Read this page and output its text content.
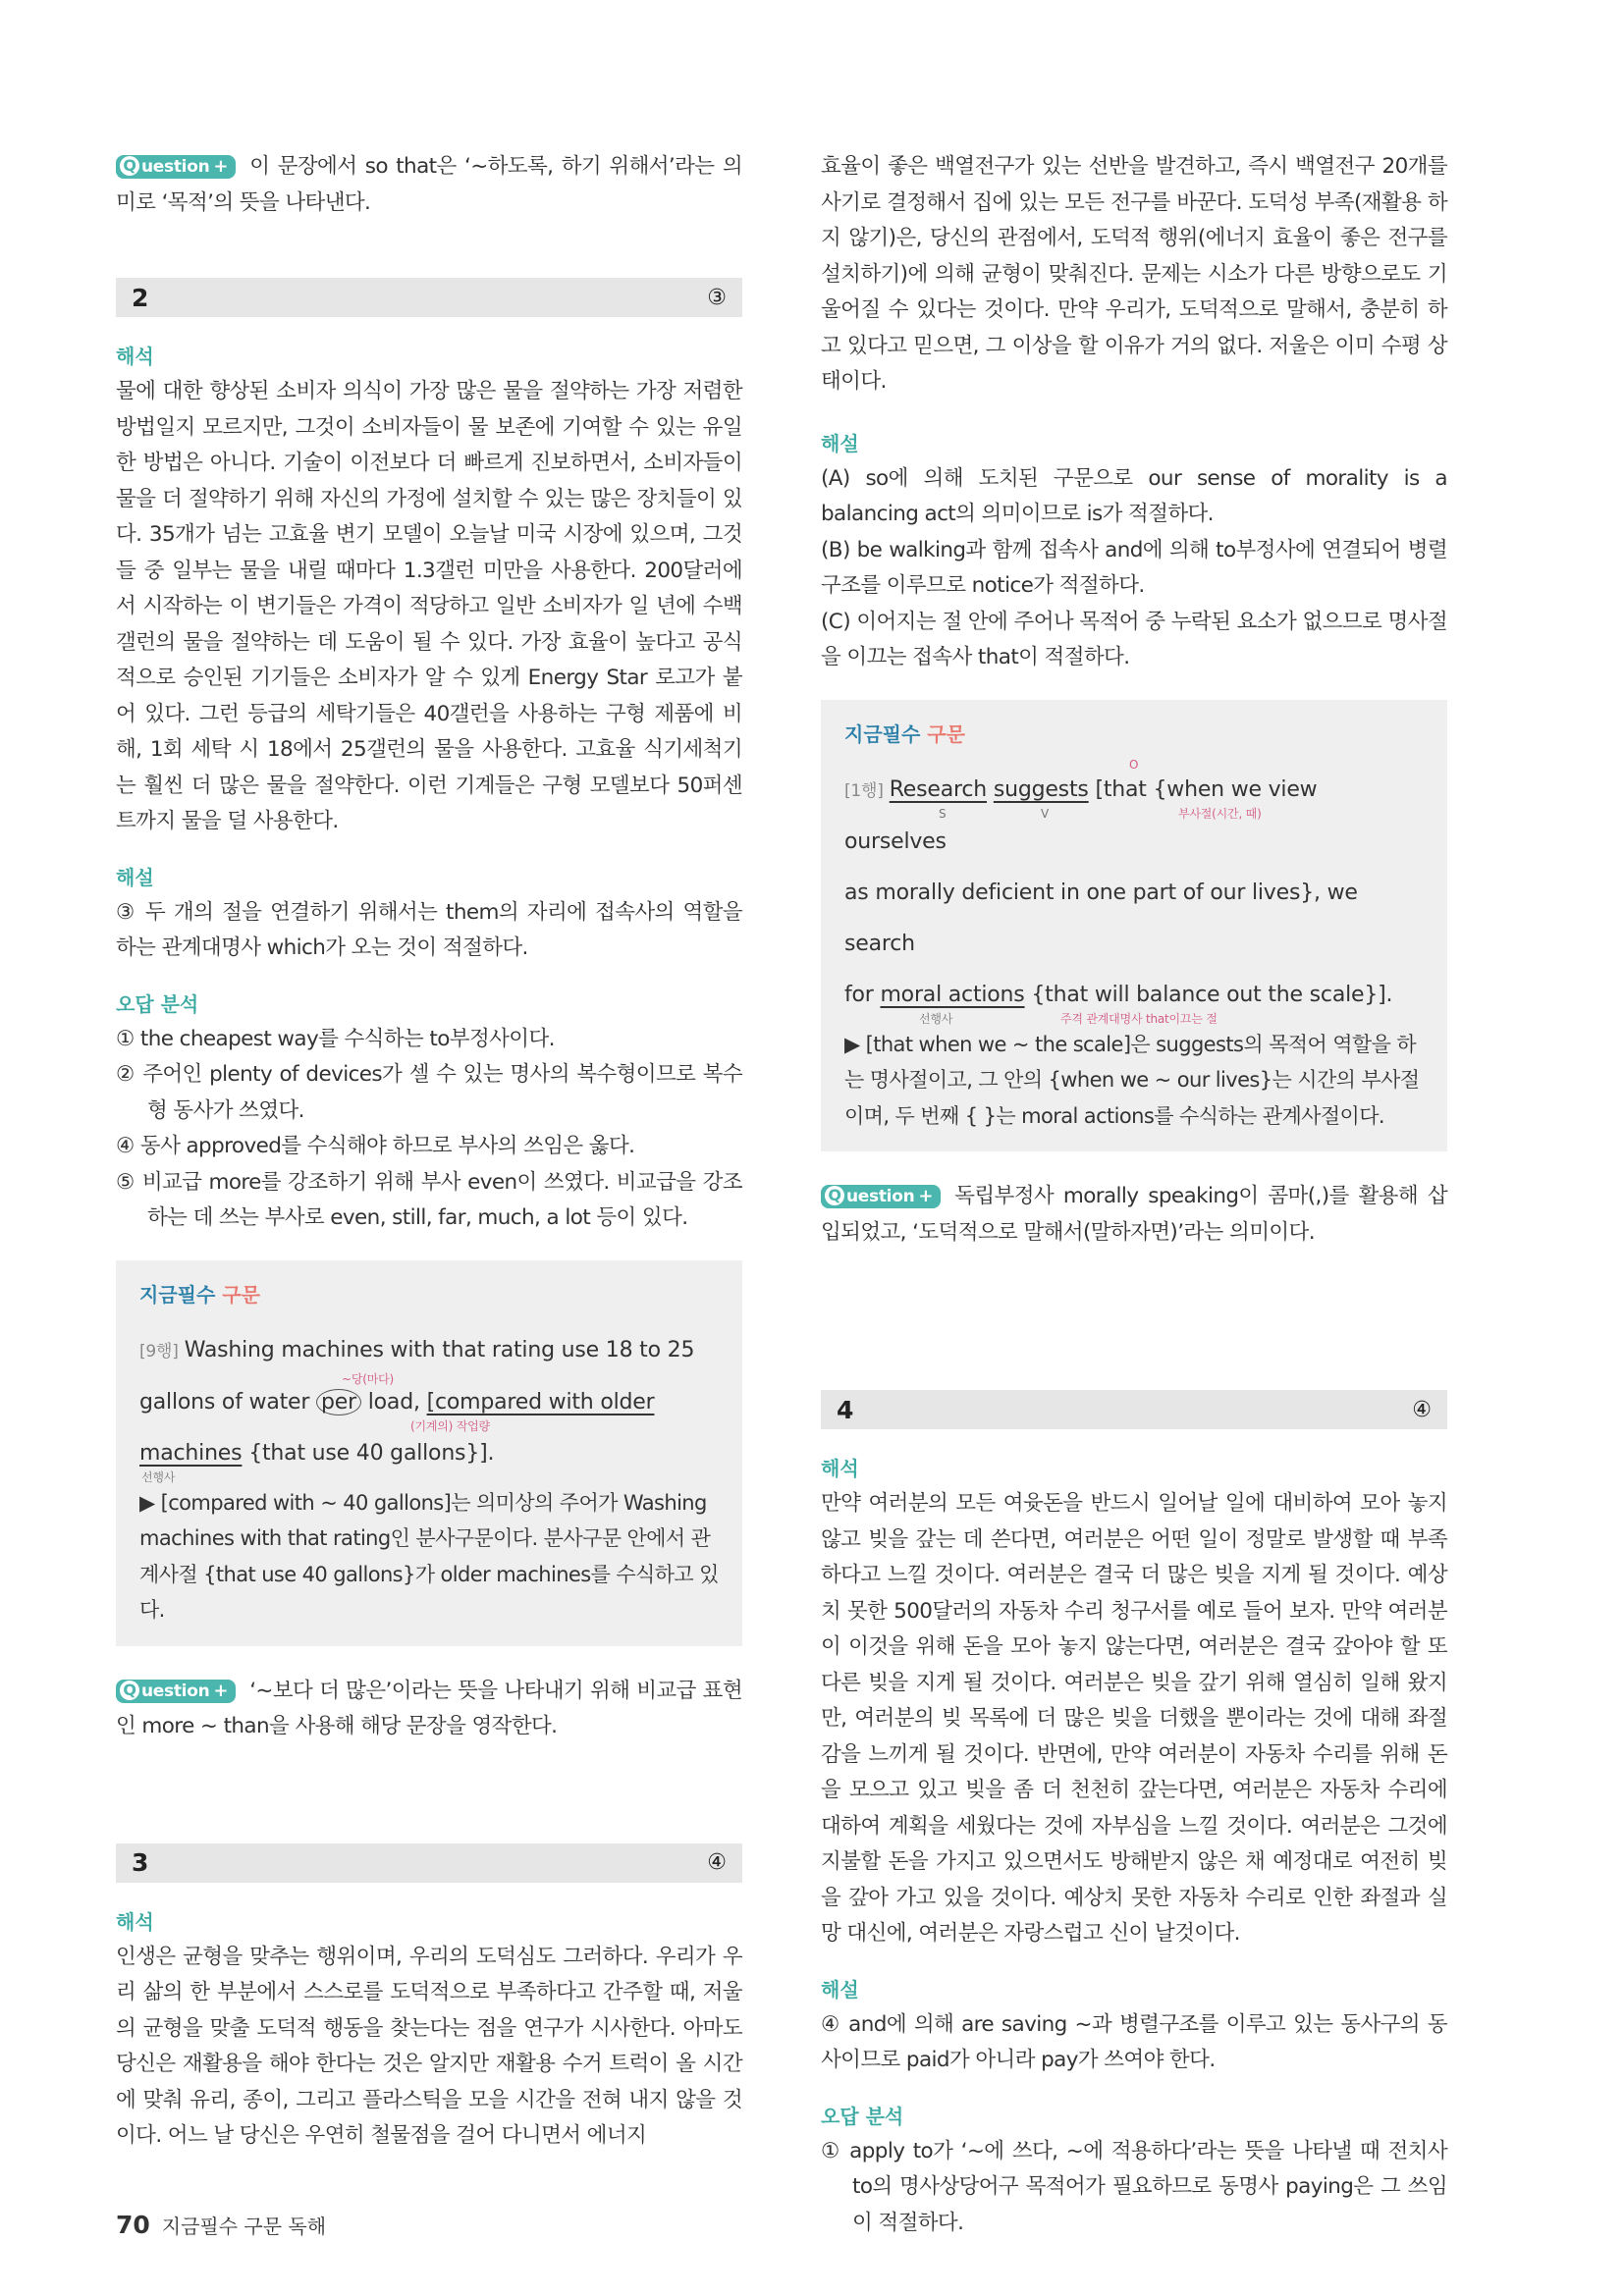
Q uestion + 이 문장에서 so that은 ‘~하도록, 하기 위해서’라는 의미로 ‘목적’의 뜻을 나타낸다.
2	③
해석
물에 대한 향상된 소비자 의식이 가장 많은 물을 절약하는 가장 저렴한 방법일지 모르지만, 그것이 소비자들이 물 보존에 기여할 수 있는 유일한 방법은 아니다. 기술이 이전보다 더 빠르게 진보하면서, 소비자들이 물을 더 절약하기 위해 자신의 가정에 설치할 수 있는 많은 장치들이 있다. 35개가 넘는 고효율 변기 모델이 오늘날 미국 시장에 있으며, 그것들 중 일부는 물을 내릴 때마다 1.3갤런 미만을 사용한다. 200달러에서 시작하는 이 변기들은 가격이 적당하고 일반 소비자가 일 년에 수백 갤런의 물을 절약하는 데 도움이 될 수 있다. 가장 효율이 높다고 공식적으로 승인된 기기들은 소비자가 알 수 있게 Energy Star 로고가 붙어 있다. 그런 등급의 세탁기들은 40갤런을 사용하는 구형 제품에 비해, 1회 세탁 시 18에서 25갤런의 물을 사용한다. 고효율 식기세척기는 훨씬 더 많은 물을 절약한다. 이런 기계들은 구형 모델보다 50퍼센트까지 물을 덜 사용한다.
해설
③ 두 개의 절을 연결하기 위해서는 them의 자리에 접속사의 역할을 하는 관계대명사 which가 오는 것이 적절하다.
오답 분석
① the cheapest way를 수식하는 to부정사이다.
② 주어인 plenty of devices가 셀 수 있는 명사의 복수형이므로 복수형 동사가 쓰였다.
④ 동사 approved를 수식해야 하므로 부사의 쓰임은 옳다.
⑤ 비교급 more를 강조하기 위해 부사 even이 쓰였다. 비교급을 강조하는 데 쓰는 부사로 even, still, far, much, a lot 등이 있다.
지금필수 구문
[9행] Washing machines with that rating use 18 to 25
~당(마다)
(기계의) 작업량
gallons of water per load, [compared with older
선행사
machines {that use 40 gallons}].
▶ [compared with ~ 40 gallons]는 의미상의 주어가 Washing machines with that rating인 분사구문이다. 분사구문 안에서 관계사절 {that use 40 gallons}가 older machines를 수식하고 있다.
Q uestion + ‘~보다 더 많은’이라는 뜻을 나타내기 위해 비교급 표현인 more ~ than을 사용해 해당 문장을 영작한다.
3	④
해석
인생은 균형을 맞추는 행위이며, 우리의 도덕심도 그러하다. 우리가 우리 삶의 한 부분에서 스스로를 도덕적으로 부족하다고 간주할 때, 저울의 균형을 맞출 도덕적 행동을 찾는다는 점을 연구가 시사한다. 아마도 당신은 재활용을 해야 한다는 것은 알지만 재활용 수거 트럭이 올 시간에 맞춰 유리, 종이, 그리고 플라스틱을 모을 시간을 전혀 내지 않을 것이다. 어느 날 당신은 우연히 철물점을 걸어 다니면서 에너지
효율이 좋은 백열전구가 있는 선반을 발견하고, 즉시 백열전구 20개를 사기로 결정해서 집에 있는 모든 전구를 바꾼다. 도덕성 부족(재활용 하지 않기)은, 당신의 관점에서, 도덕적 행위(에너지 효율이 좋은 전구를 설치하기)에 의해 균형이 맞춰진다. 문제는 시소가 다른 방향으로도 기울어질 수 있다는 것이다. 만약 우리가, 도덕적으로 말해서, 충분히 하고 있다고 믿으면, 그 이상을 할 이유가 거의 없다. 저울은 이미 수평 상태이다.
해설
(A) so에 의해 도치된 구문으로 our sense of morality is a balancing act의 의미이므로 is가 적절하다.
(B) be walking과 함께 접속사 and에 의해 to부정사에 연결되어 병렬구조를 이루므로 notice가 적절하다.
(C) 이어지는 절 안에 주어나 목적어 중 누락된 요소가 없으므로 명사절을 이끄는 접속사 that이 적절하다.
지금필수 구문
O
S	V	부사절(시간, 때)
[1행] Research suggests [that {when we view ourselves
as morally deficient in one part of our lives}, we search
선행사	주격 관계대명사 that이끄는 절
for moral actions {that will balance out the scale}].
▶ [that when we ~ the scale]은 suggests의 목적어 역할을 하는 명사절이고, 그 안의 {when we ~ our lives}는 시간의 부사절이며, 두 번째 { }는 moral actions를 수식하는 관계사절이다.
Q uestion + 독립부정사 morally speaking이 콤마(,)를 활용해 삽입되었고, ‘도덕적으로 말해서(말하자면)’라는 의미이다.
4	④
해석
만약 여러분의 모든 여윳돈을 반드시 일어날 일에 대비하여 모아 놓지 않고 빚을 갚는 데 쓴다면, 여러분은 어떤 일이 정말로 발생할 때 부족하다고 느낄 것이다. 여러분은 결국 더 많은 빚을 지게 될 것이다. 예상치 못한 500달러의 자동차 수리 청구서를 예로 들어 보자. 만약 여러분이 이것을 위해 돈을 모아 놓지 않는다면, 여러분은 결국 갚아야 할 또 다른 빚을 지게 될 것이다. 여러분은 빚을 갚기 위해 열심히 일해 왔지만, 여러분의 빚 목록에 더 많은 빚을 더했을 뿐이라는 것에 대해 좌절감을 느끼게 될 것이다. 반면에, 만약 여러분이 자동차 수리를 위해 돈을 모으고 있고 빚을 좀 더 천천히 갚는다면, 여러분은 자동차 수리에 대하여 계획을 세웠다는 것에 자부심을 느낄 것이다. 여러분은 그것에 지불할 돈을 가지고 있으면서도 방해받지 않은 채 예정대로 여전히 빚을 갚아 가고 있을 것이다. 예상치 못한 자동차 수리로 인한 좌절과 실망 대신에, 여러분은 자랑스럽고 신이 날것이다.
해설
④ and에 의해 are saving ~과 병렬구조를 이루고 있는 동사구의 동사이므로 paid가 아니라 pay가 쓰여야 한다.
오답 분석
① apply to가 ‘~에 쓰다, ~에 적용하다’라는 뜻을 나타낼 때 전치사 to의 명사상당어구 목적어가 필요하므로 동명사 paying은 그 쓰임이 적절하다.
70 지금필수 구문 독해
